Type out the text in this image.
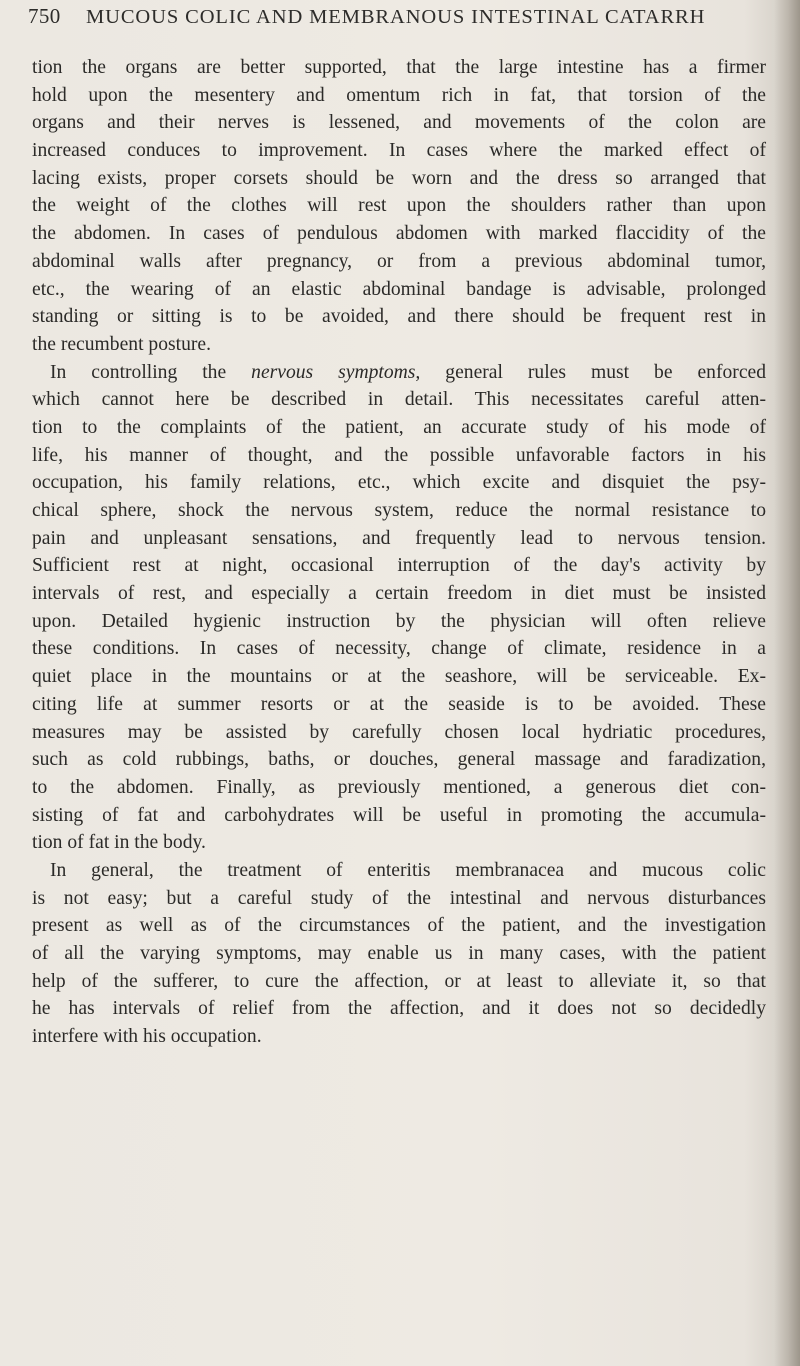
750 MUCOUS COLIC AND MEMBRANOUS INTESTINAL CATARRH
tion the organs are better supported, that the large intestine has a firmer
hold upon the mesentery and omentum rich in fat, that torsion of the
organs and their nerves is lessened, and movements of the colon are
increased conduces to improvement. In cases where the marked effect of
lacing exists, proper corsets should be worn and the dress so arranged that
the weight of the clothes will rest upon the shoulders rather than upon
the abdomen. In cases of pendulous abdomen with marked flaccidity of the
abdominal walls after pregnancy, or from a previous abdominal tumor,
etc., the wearing of an elastic abdominal bandage is advisable, prolonged
standing or sitting is to be avoided, and there should be frequent rest in
the recumbent posture.
In controlling the nervous symptoms, general rules must be enforced
which cannot here be described in detail. This necessitates careful atten-
tion to the complaints of the patient, an accurate study of his mode of
life, his manner of thought, and the possible unfavorable factors in his
occupation, his family relations, etc., which excite and disquiet the psy-
chical sphere, shock the nervous system, reduce the normal resistance to
pain and unpleasant sensations, and frequently lead to nervous tension.
Sufficient rest at night, occasional interruption of the day's activity by
intervals of rest, and especially a certain freedom in diet must be insisted
upon. Detailed hygienic instruction by the physician will often relieve
these conditions. In cases of necessity, change of climate, residence in a
quiet place in the mountains or at the seashore, will be serviceable. Ex-
citing life at summer resorts or at the seaside is to be avoided. These
measures may be assisted by carefully chosen local hydriatic procedures,
such as cold rubbings, baths, or douches, general massage and faradization,
to the abdomen. Finally, as previously mentioned, a generous diet con-
sisting of fat and carbohydrates will be useful in promoting the accumula-
tion of fat in the body.
In general, the treatment of enteritis membranacea and mucous colic
is not easy; but a careful study of the intestinal and nervous disturbances
present as well as of the circumstances of the patient, and the investigation
of all the varying symptoms, may enable us in many cases, with the patient
help of the sufferer, to cure the affection, or at least to alleviate it, so that
he has intervals of relief from the affection, and it does not so decidedly
interfere with his occupation.
